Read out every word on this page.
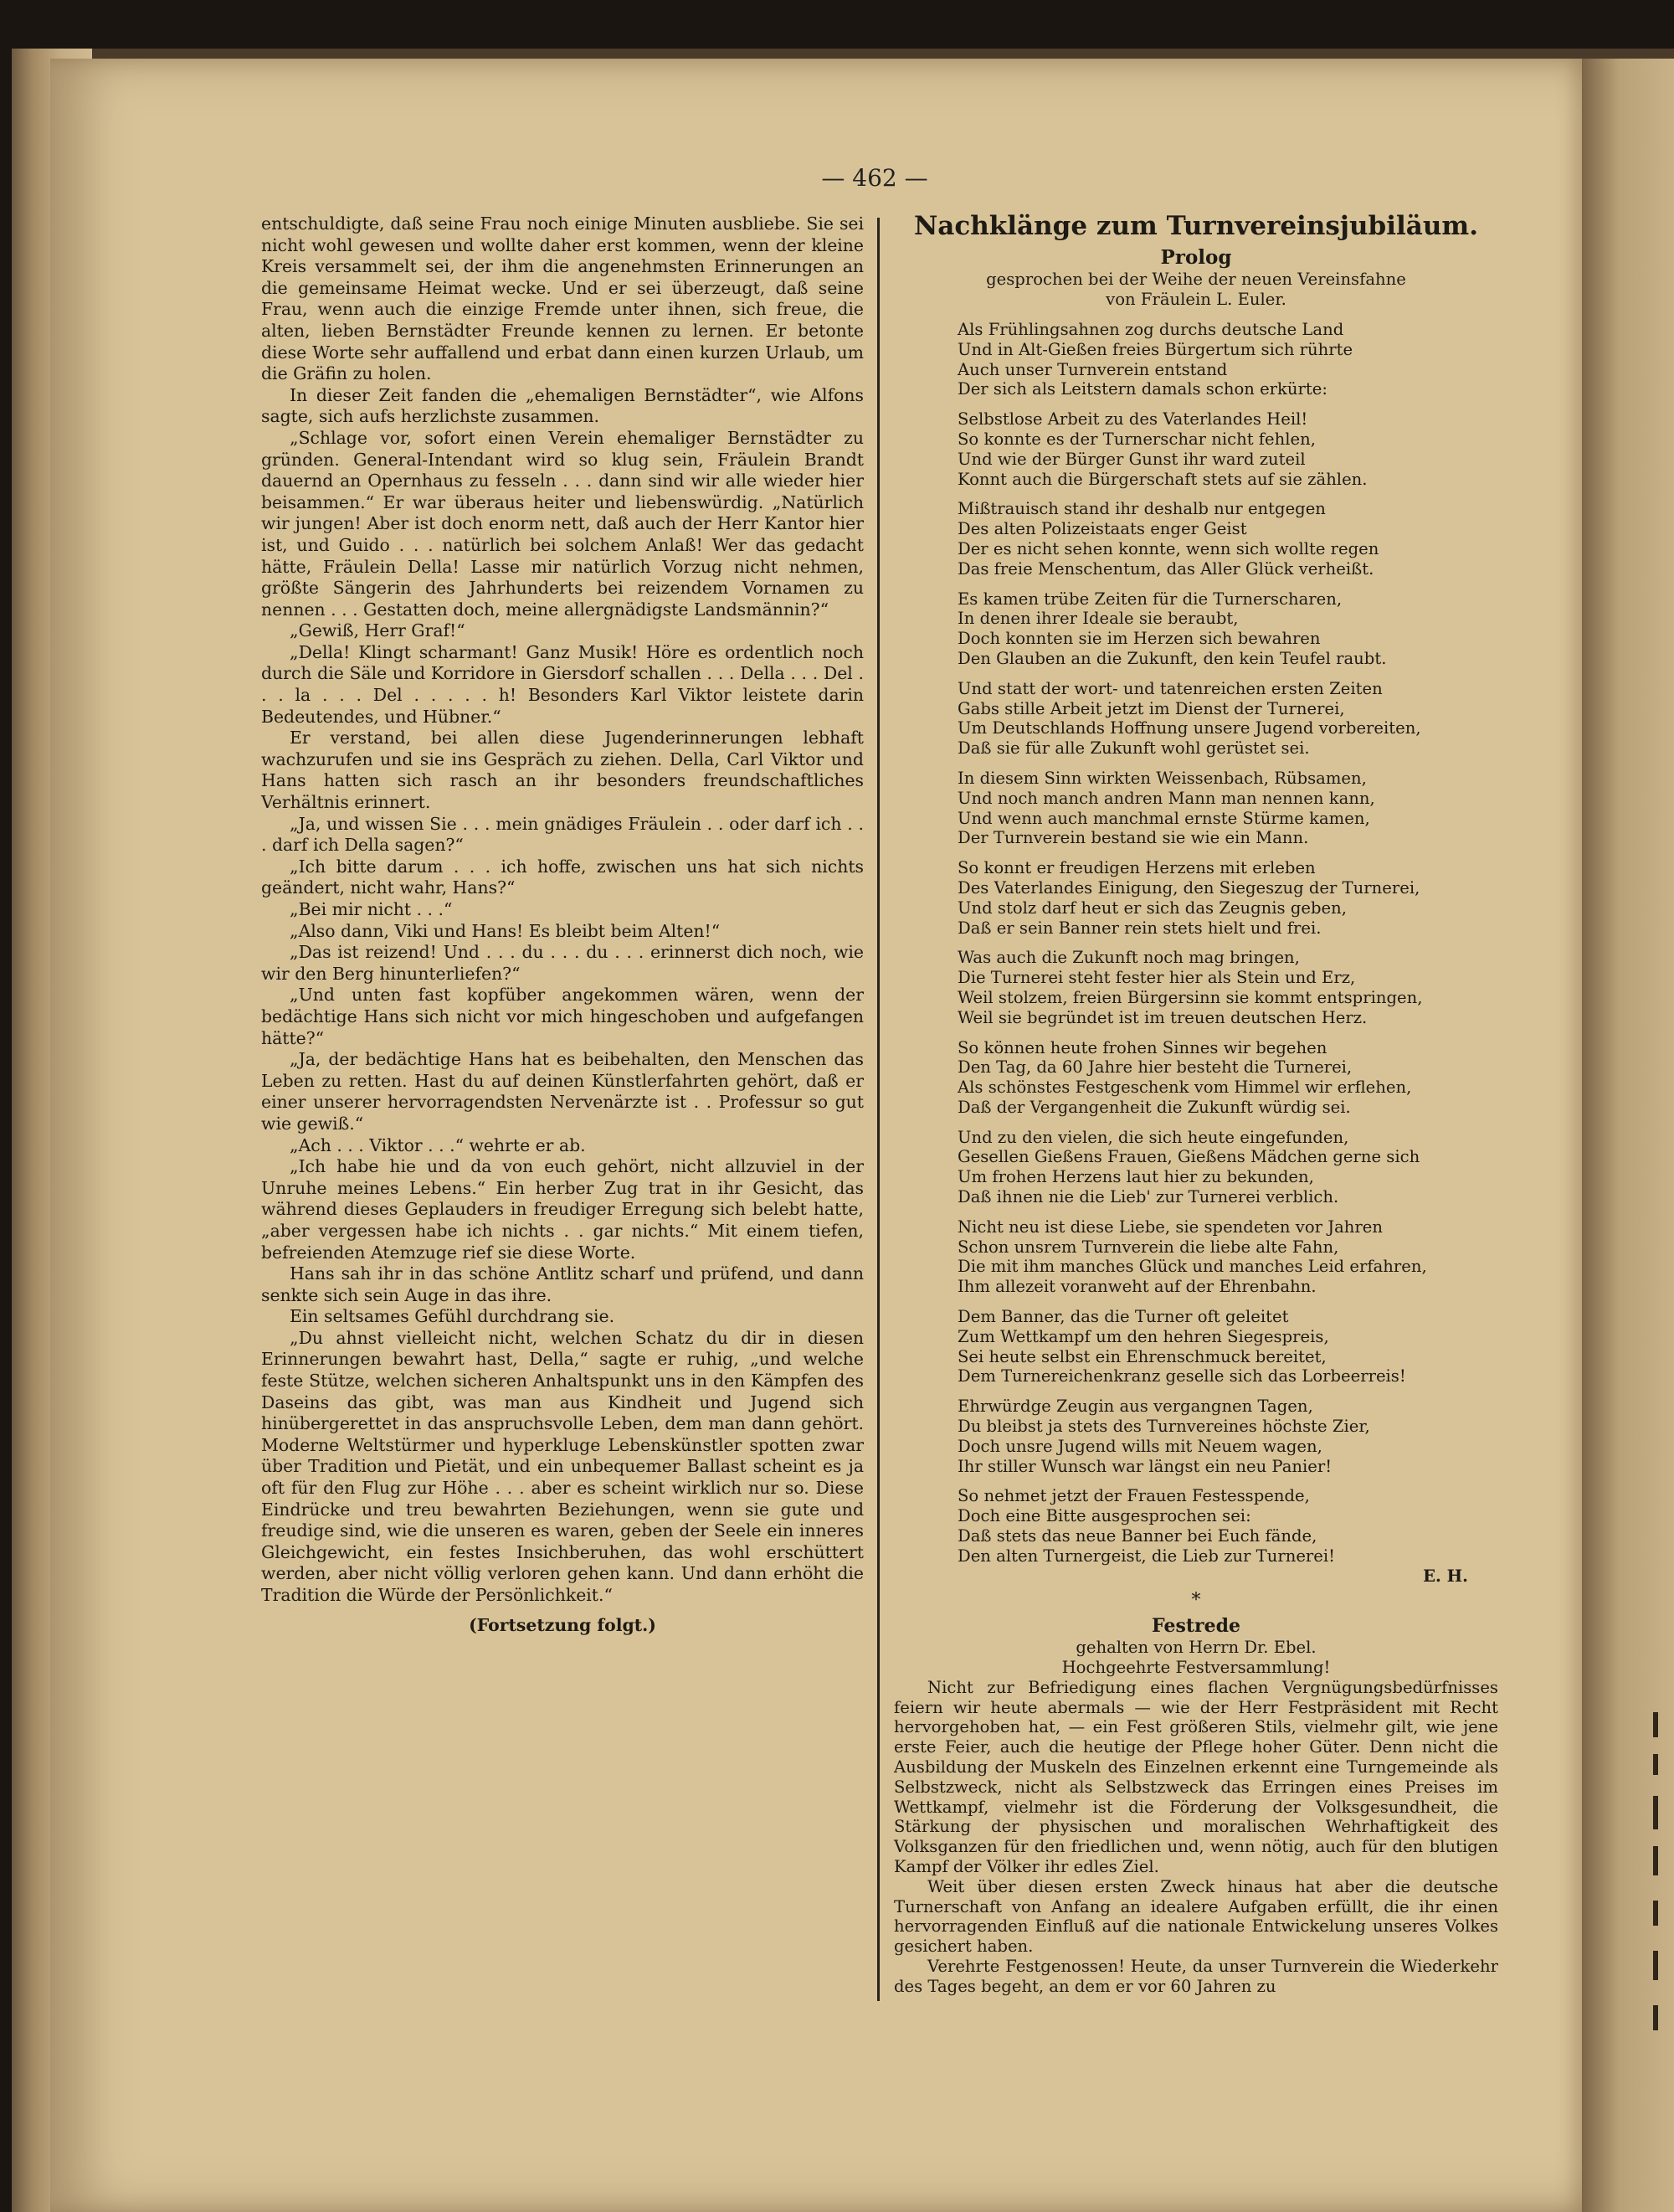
— 462 —

entschuldigte, daß seine Frau noch einige Minuten ausbliebe. Sie sei nicht wohl gewesen und wollte daher erst kommen, wenn der kleine Kreis versammelt sei, der ihm die angenehmsten Erinnerungen an die gemeinsame Heimat wecke. Und er sei überzeugt, daß seine Frau, wenn auch die einzige Fremde unter ihnen, sich freue, die alten, lieben Bernstädter Freunde kennen zu lernen. Er betonte diese Worte sehr auffallend und erbat dann einen kurzen Urlaub, um die Gräfin zu holen.

In dieser Zeit fanden die „ehemaligen Bernstädter“, wie Alfons sagte, sich aufs herzlichste zusammen.

„Schlage vor, sofort einen Verein ehemaliger Bernstädter zu gründen. General-Intendant wird so klug sein, Fräulein Brandt dauernd an Opernhaus zu fesseln . . . dann sind wir alle wieder hier beisammen.“ Er war überaus heiter und liebenswürdig. „Natürlich wir jungen! Aber ist doch enorm nett, daß auch der Herr Kantor hier ist, und Guido . . . natürlich bei solchem Anlaß! Wer das gedacht hätte, Fräulein Della! Lasse mir natürlich Vorzug nicht nehmen, größte Sängerin des Jahrhunderts bei reizendem Vornamen zu nennen . . . Gestatten doch, meine allergnädigste Landsmännin?“

„Gewiß, Herr Graf!“

„Della! Klingt scharmant! Ganz Musik! Höre es ordentlich noch durch die Säle und Korridore in Giersdorf schallen . . . Della . . . Del . . . la . . . Del . . . . . h! Besonders Karl Viktor leistete darin Bedeutendes, und Hübner.“

Er verstand, bei allen diese Jugenderinnerungen lebhaft wachzurufen und sie ins Gespräch zu ziehen. Della, Carl Viktor und Hans hatten sich rasch an ihr besonders freundschaftliches Verhältnis erinnert.

„Ja, und wissen Sie . . . mein gnädiges Fräulein . . oder darf ich . . . darf ich Della sagen?“

„Ich bitte darum . . . ich hoffe, zwischen uns hat sich nichts geändert, nicht wahr, Hans?“

„Bei mir nicht . . .“

„Also dann, Viki und Hans! Es bleibt beim Alten!“

„Das ist reizend! Und . . . du . . . du . . . erinnerst dich noch, wie wir den Berg hinunterliefen?“

„Und unten fast kopfüber angekommen wären, wenn der bedächtige Hans sich nicht vor mich hingeschoben und aufgefangen hätte?“

„Ja, der bedächtige Hans hat es beibehalten, den Menschen das Leben zu retten. Hast du auf deinen Künstlerfahrten gehört, daß er einer unserer hervorragendsten Nervenärzte ist . . Professur so gut wie gewiß.“

„Ach . . . Viktor . . .“ wehrte er ab.

„Ich habe hie und da von euch gehört, nicht allzuviel in der Unruhe meines Lebens.“ Ein herber Zug trat in ihr Gesicht, das während dieses Geplauders in freudiger Erregung sich belebt hatte, „aber vergessen habe ich nichts . . gar nichts.“ Mit einem tiefen, befreienden Atemzuge rief sie diese Worte.

Hans sah ihr in das schöne Antlitz scharf und prüfend, und dann senkte sich sein Auge in das ihre.

Ein seltsames Gefühl durchdrang sie.

„Du ahnst vielleicht nicht, welchen Schatz du dir in diesen Erinnerungen bewahrt hast, Della,“ sagte er ruhig, „und welche feste Stütze, welchen sicheren Anhaltspunkt uns in den Kämpfen des Daseins das gibt, was man aus Kindheit und Jugend sich hinübergerettet in das anspruchsvolle Leben, dem man dann gehört. Moderne Weltstürmer und hyperkluge Lebenskünstler spotten zwar über Tradition und Pietät, und ein unbequemer Ballast scheint es ja oft für den Flug zur Höhe . . . aber es scheint wirklich nur so. Diese Eindrücke und treu bewahrten Beziehungen, wenn sie gute und freudige sind, wie die unseren es waren, geben der Seele ein inneres Gleichgewicht, ein festes Insichberuhen, das wohl erschüttert werden, aber nicht völlig verloren gehen kann. Und dann erhöht die Tradition die Würde der Persönlichkeit.“

(Fortsetzung folgt.)

Nachklänge zum Turnvereinsjubiläum.
Prolog
gesprochen bei der Weihe der neuen Vereinsfahne
von Fräulein L. Euler.
Als Frühlingsahnen zog durchs deutsche Land
Und in Alt-Gießen freies Bürgertum sich rührte
Auch unser Turnverein entstand
Der sich als Leitstern damals schon erkürte:
Selbstlose Arbeit zu des Vaterlandes Heil!
So konnte es der Turnerschar nicht fehlen,
Und wie der Bürger Gunst ihr ward zuteil
Konnt auch die Bürgerschaft stets auf sie zählen.
Mißtrauisch stand ihr deshalb nur entgegen
Des alten Polizeistaats enger Geist
Der es nicht sehen konnte, wenn sich wollte regen
Das freie Menschentum, das Aller Glück verheißt.
Es kamen trübe Zeiten für die Turnerscharen,
In denen ihrer Ideale sie beraubt,
Doch konnten sie im Herzen sich bewahren
Den Glauben an die Zukunft, den kein Teufel raubt.
Und statt der wort- und tatenreichen ersten Zeiten
Gabs stille Arbeit jetzt im Dienst der Turnerei,
Um Deutschlands Hoffnung unsere Jugend vorbereiten,
Daß sie für alle Zukunft wohl gerüstet sei.
In diesem Sinn wirkten Weissenbach, Rübsamen,
Und noch manch andren Mann man nennen kann,
Und wenn auch manchmal ernste Stürme kamen,
Der Turnverein bestand sie wie ein Mann.
So konnt er freudigen Herzens mit erleben
Des Vaterlandes Einigung, den Siegeszug der Turnerei,
Und stolz darf heut er sich das Zeugnis geben,
Daß er sein Banner rein stets hielt und frei.
Was auch die Zukunft noch mag bringen,
Die Turnerei steht fester hier als Stein und Erz,
Weil stolzem, freien Bürgersinn sie kommt entspringen,
Weil sie begründet ist im treuen deutschen Herz.
So können heute frohen Sinnes wir begehen
Den Tag, da 60 Jahre hier besteht die Turnerei,
Als schönstes Festgeschenk vom Himmel wir erflehen,
Daß der Vergangenheit die Zukunft würdig sei.
Und zu den vielen, die sich heute eingefunden,
Gesellen Gießens Frauen, Gießens Mädchen gerne sich
Um frohen Herzens laut hier zu bekunden,
Daß ihnen nie die Lieb' zur Turnerei verblich.
Nicht neu ist diese Liebe, sie spendeten vor Jahren
Schon unsrem Turnverein die liebe alte Fahn,
Die mit ihm manches Glück und manches Leid erfahren,
Ihm allezeit voranweht auf der Ehrenbahn.
Dem Banner, das die Turner oft geleitet
Zum Wettkampf um den hehren Siegespreis,
Sei heute selbst ein Ehrenschmuck bereitet,
Dem Turnereichenkranz geselle sich das Lorbeerreis!
Ehrwürdge Zeugin aus vergangnen Tagen,
Du bleibst ja stets des Turnvereines höchste Zier,
Doch unsre Jugend wills mit Neuem wagen,
Ihr stiller Wunsch war längst ein neu Panier!
So nehmet jetzt der Frauen Festesspende,
Doch eine Bitte ausgesprochen sei:
Daß stets das neue Banner bei Euch fände,
Den alten Turnergeist, die Lieb zur Turnerei!
E. H.
*
Festrede
gehalten von Herrn Dr. Ebel.
Hochgeehrte Festversammlung!

Nicht zur Befriedigung eines flachen Vergnügungsbedürfnisses feiern wir heute abermals — wie der Herr Festpräsident mit Recht hervorgehoben hat, — ein Fest größeren Stils, vielmehr gilt, wie jene erste Feier, auch die heutige der Pflege hoher Güter. Denn nicht die Ausbildung der Muskeln des Einzelnen erkennt eine Turngemeinde als Selbstzweck, nicht als Selbstzweck das Erringen eines Preises im Wettkampf, vielmehr ist die Förderung der Volksgesundheit, die Stärkung der physischen und moralischen Wehrhaftigkeit des Volksganzen für den friedlichen und, wenn nötig, auch für den blutigen Kampf der Völker ihr edles Ziel.

Weit über diesen ersten Zweck hinaus hat aber die deutsche Turnerschaft von Anfang an idealere Aufgaben erfüllt, die ihr einen hervorragenden Einfluß auf die nationale Entwickelung unseres Volkes gesichert haben.

Verehrte Festgenossen! Heute, da unser Turnverein die Wiederkehr des Tages begeht, an dem er vor 60 Jahren zu
